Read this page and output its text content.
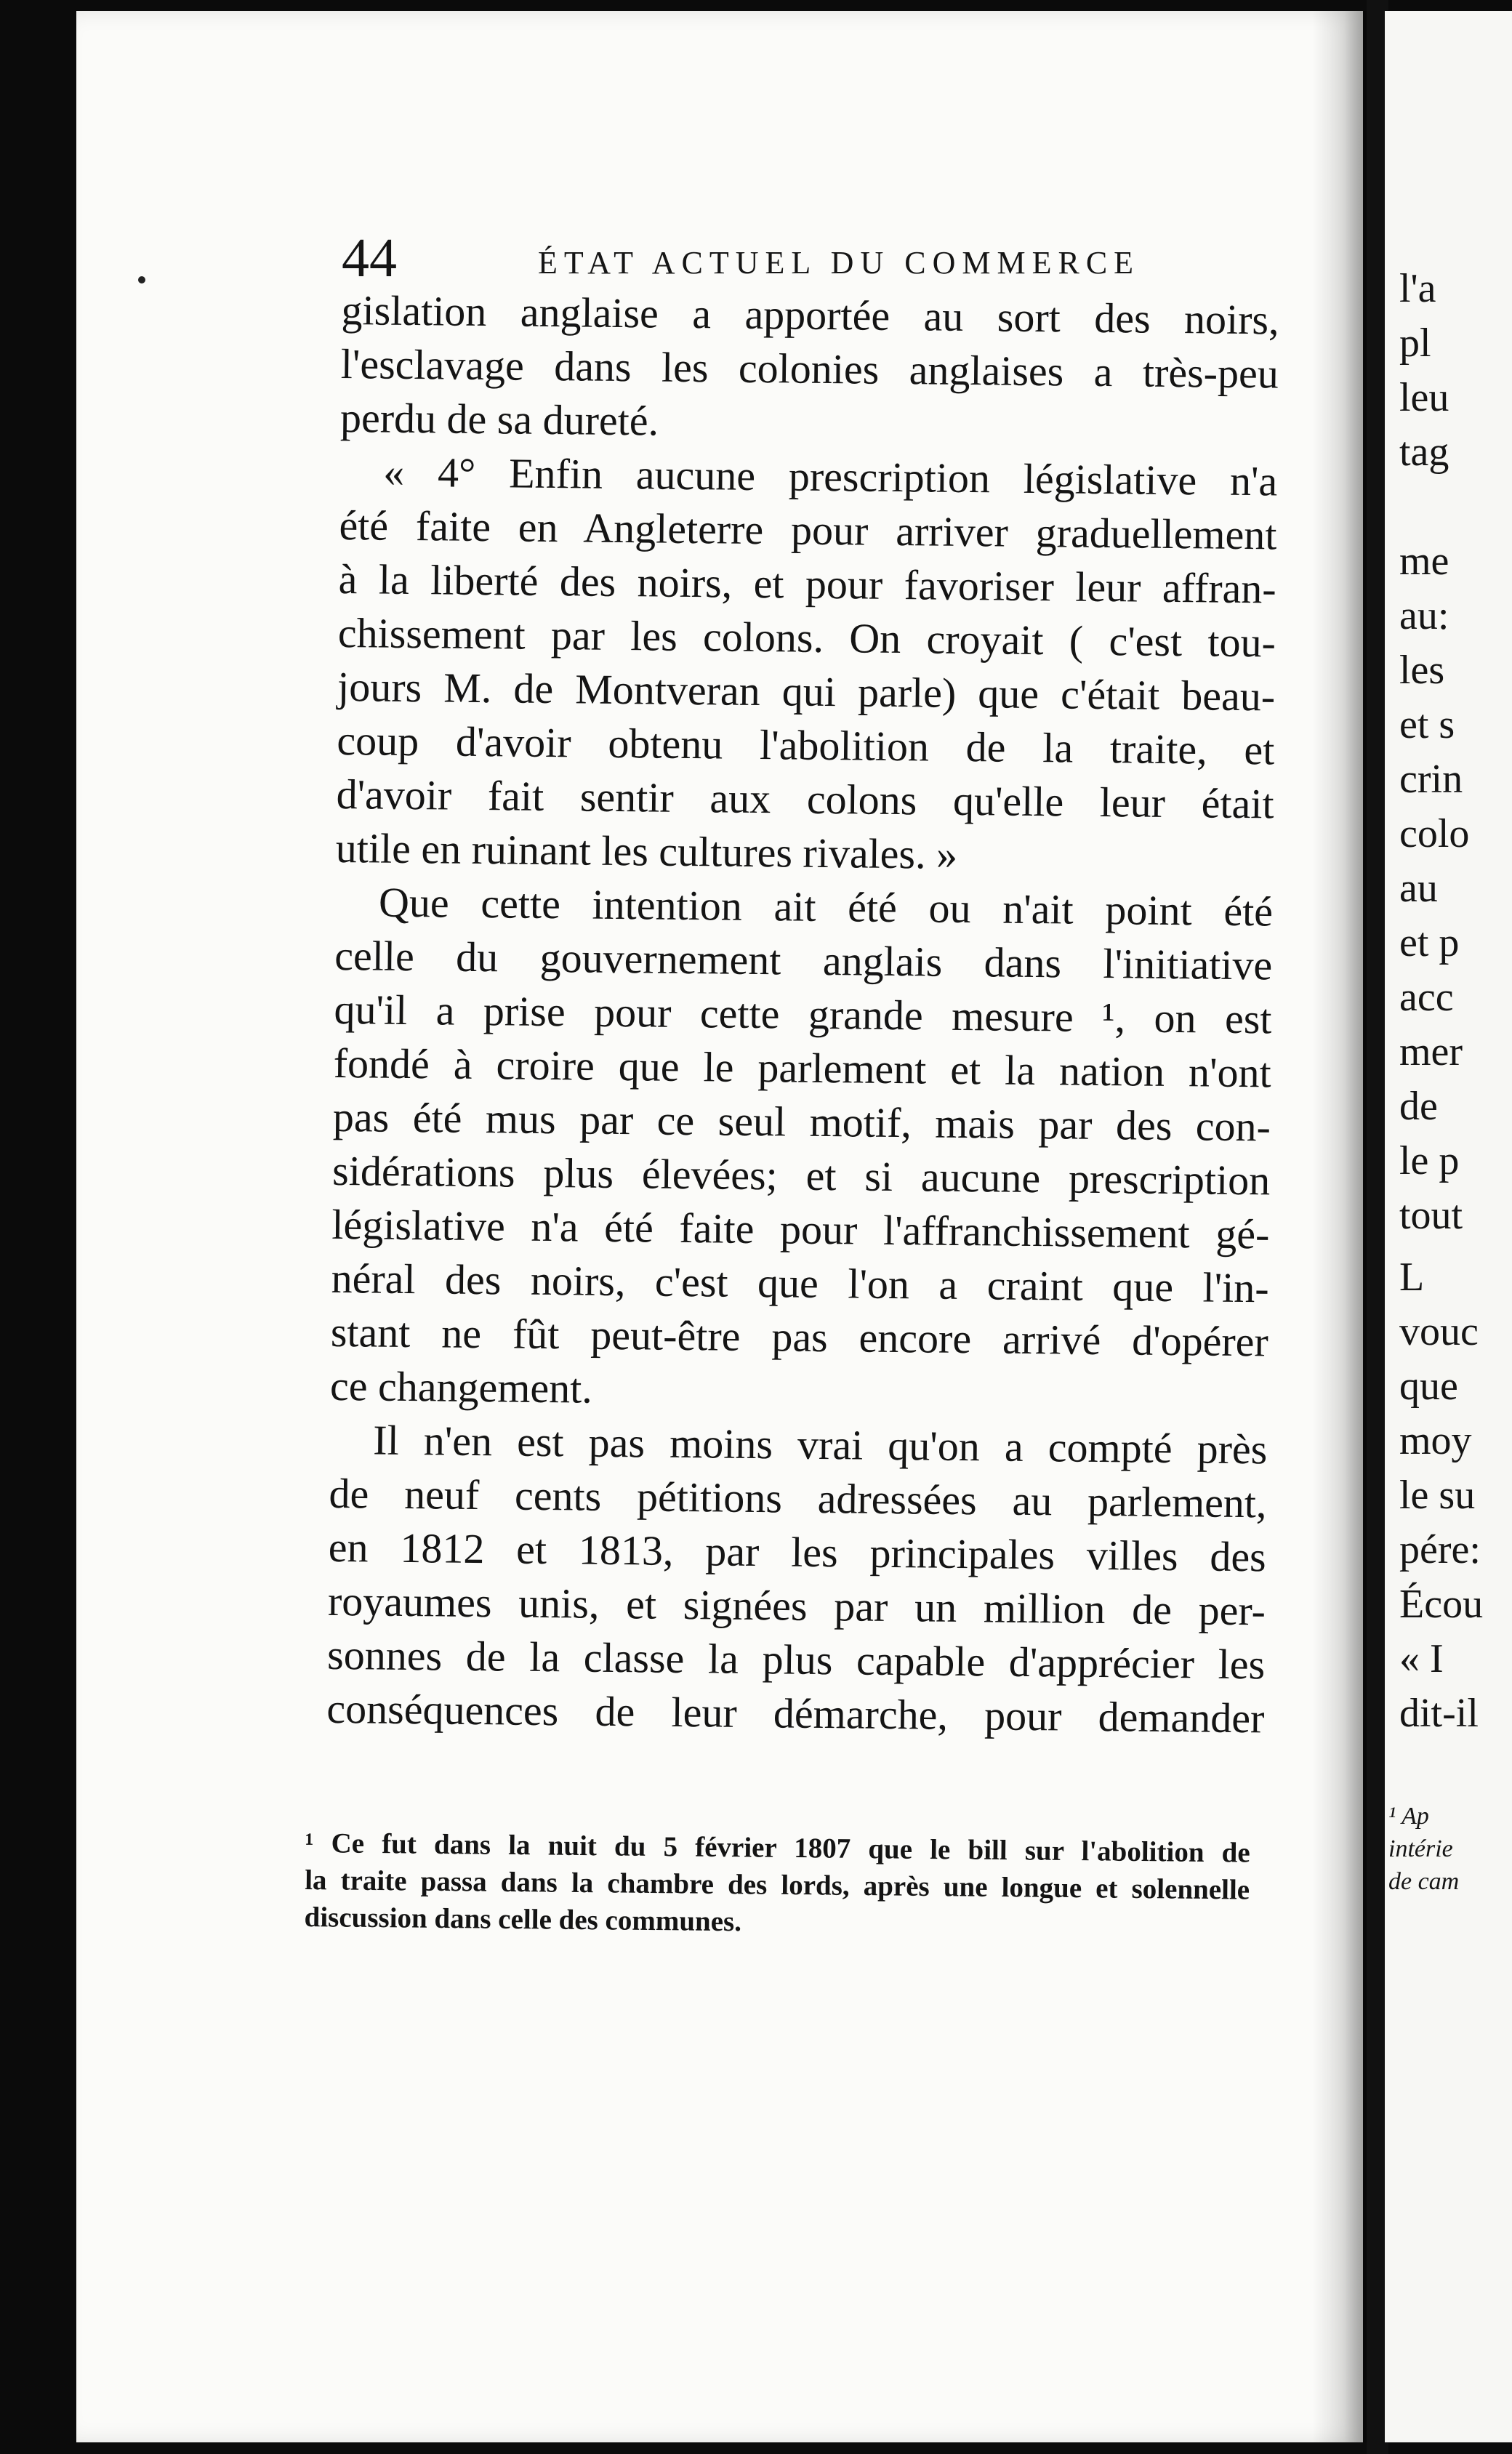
l'a
pl
leu
tag
me
au:
les
et s
crin
colo
au
et p
acc
mer
de
le p
tout
L
vouc
que
moy
le su
pére:
Écou
« I
dit-il
¹ Ap
intérie
de cam
44	ÉTAT ACTUEL DU COMMERCE

gislation anglaise a apportée au sort des noirs,
l'esclavage dans les colonies anglaises a très-peu
perdu de sa dureté.

« 4° Enfin aucune prescription législative n'a
été faite en Angleterre pour arriver graduellement
à la liberté des noirs, et pour favoriser leur affran-
chissement par les colons. On croyait ( c'est tou-
jours M. de Montveran qui parle) que c'était beau-
coup d'avoir obtenu l'abolition de la traite, et
d'avoir fait sentir aux colons qu'elle leur était
utile en ruinant les cultures rivales. »

Que cette intention ait été ou n'ait point été
celle du gouvernement anglais dans l'initiative
qu'il a prise pour cette grande mesure ¹, on est
fondé à croire que le parlement et la nation n'ont
pas été mus par ce seul motif, mais par des con-
sidérations plus élevées; et si aucune prescription
législative n'a été faite pour l'affranchissement gé-
néral des noirs, c'est que l'on a craint que l'in-
stant ne fût peut-être pas encore arrivé d'opérer
ce changement.

Il n'en est pas moins vrai qu'on a compté près
de neuf cents pétitions adressées au parlement,
en 1812 et 1813, par les principales villes des
royaumes unis, et signées par un million de per-
sonnes de la classe la plus capable d'apprécier les
conséquences de leur démarche, pour demander

¹ Ce fut dans la nuit du 5 février 1807 que le bill sur l'abolition de
la traite passa dans la chambre des lords, après une longue et solennelle
discussion dans celle des communes.
